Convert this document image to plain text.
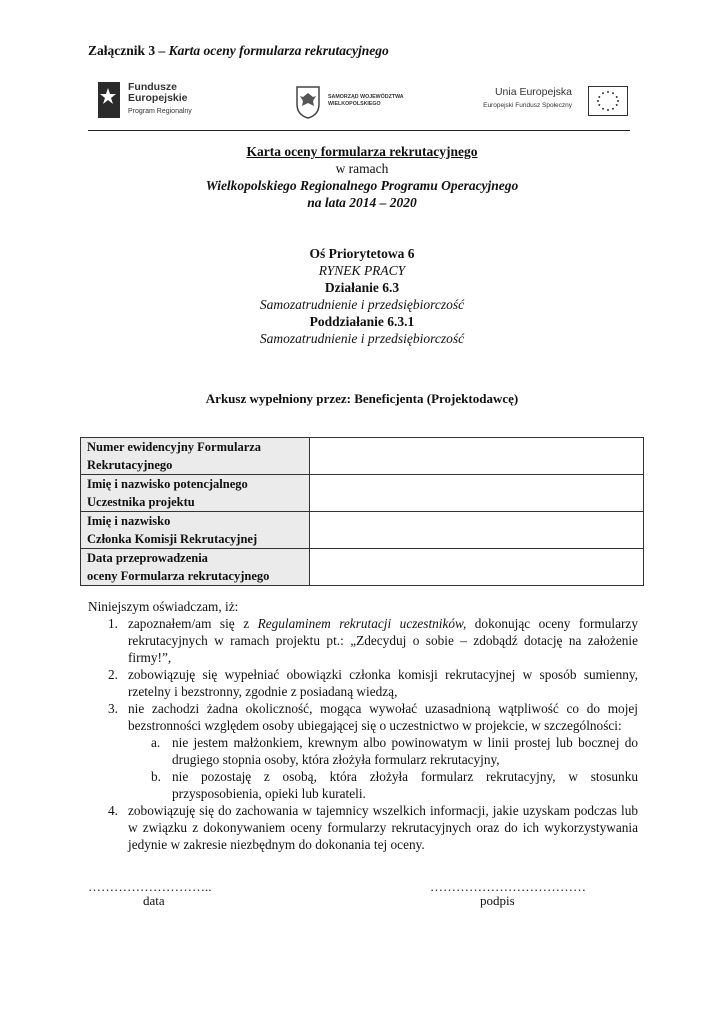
Załącznik 3 – Karta oceny formularza rekrutacyjnego
Fundusze
Europejskie
Program Regionalny
SAMORZĄD WOJEWÓDZTWA
WIELKOPOLSKIEGO
Unia Europejska
Europejski Fundusz Społeczny
Karta oceny formularza rekrutacyjnego
w ramach
Wielkopolskiego Regionalnego Programu Operacyjnego
na lata 2014 – 2020
Oś Priorytetowa 6
RYNEK PRACY
Działanie 6.3
Samozatrudnienie i przedsiębiorczość
Poddziałanie 6.3.1
Samozatrudnienie i przedsiębiorczość
Arkusz wypełniony przez: Beneficjenta (Projektodawcę)
Numer ewidencyjny Formularza
Rekrutacyjnego	

Imię i nazwisko potencjalnego
Uczestnika projektu	

Imię i nazwisko
Członka Komisji Rekrutacyjnej	

Data przeprowadzenia
oceny Formularza rekrutacyjnego	

Niniejszym oświadczam, iż:
1. zapoznałem/am się z Regulaminem rekrutacji uczestników, dokonując oceny formularzy rekrutacyjnych w ramach projektu pt.: „Zdecyduj o sobie – zdobądź dotację na założenie firmy!”,
2. zobowiązuję się wypełniać obowiązki członka komisji rekrutacyjnej w sposób sumienny, rzetelny i bezstronny, zgodnie z posiadaną wiedzą,
3. nie zachodzi żadna okoliczność, mogąca wywołać uzasadnioną wątpliwość co do mojej bezstronności względem osoby ubiegającej się o uczestnictwo w projekcie, w szczególności:
a. nie jestem małżonkiem, krewnym albo powinowatym w linii prostej lub bocznej do drugiego stopnia osoby, która złożyła formularz rekrutacyjny,
b. nie pozostaję z osobą, która złożyła formularz rekrutacyjny, w stosunku przysposobienia, opieki lub kurateli.
4. zobowiązuję się do zachowania w tajemnicy wszelkich informacji, jakie uzyskam podczas lub w związku z dokonywaniem oceny formularzy rekrutacyjnych oraz do ich wykorzystywania jedynie w zakresie niezbędnym do dokonania tej oceny.
………………………..
data
………………………………
podpis
